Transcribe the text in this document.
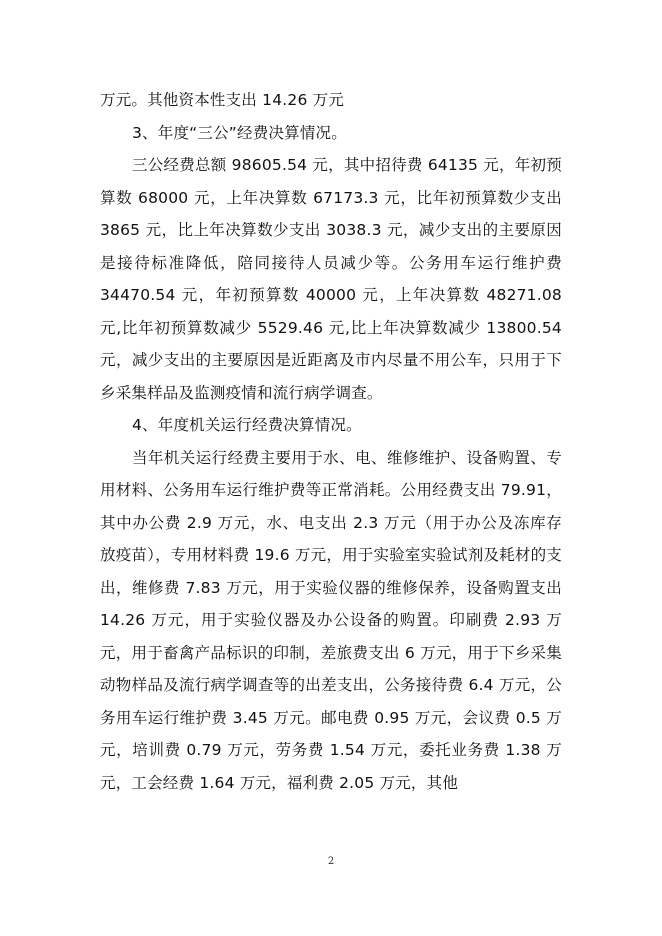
万元。其他资本性支出 14.26 万元

3、年度“三公”经费决算情况。

三公经费总额 98605.54 元，其中招待费 64135 元，年初预算数 68000 元，上年决算数 67173.3 元，比年初预算数少支出 3865 元，比上年决算数少支出 3038.3 元，减少支出的主要原因是接待标准降低，陪同接待人员减少等。公务用车运行维护费 34470.54 元，年初预算数 40000 元，上年决算数 48271.08 元,比年初预算数减少 5529.46 元,比上年决算数减少 13800.54 元，减少支出的主要原因是近距离及市内尽量不用公车，只用于下乡采集样品及监测疫情和流行病学调查。

4、年度机关运行经费决算情况。

当年机关运行经费主要用于水、电、维修维护、设备购置、专用材料、公务用车运行维护费等正常消耗。公用经费支出 79.91，其中办公费 2.9 万元，水、电支出 2.3 万元（用于办公及冻库存放疫苗），专用材料费 19.6 万元，用于实验室实验试剂及耗材的支出，维修费 7.83 万元，用于实验仪器的维修保养，设备购置支出 14.26 万元，用于实验仪器及办公设备的购置。印刷费 2.93 万元，用于畜禽产品标识的印制，差旅费支出 6 万元，用于下乡采集动物样品及流行病学调查等的出差支出，公务接待费 6.4 万元，公务用车运行维护费 3.45 万元。邮电费 0.95 万元，会议费 0.5 万元，培训费 0.79 万元，劳务费 1.54 万元，委托业务费 1.38 万元，工会经费 1.64 万元，福利费 2.05 万元，其他

2
